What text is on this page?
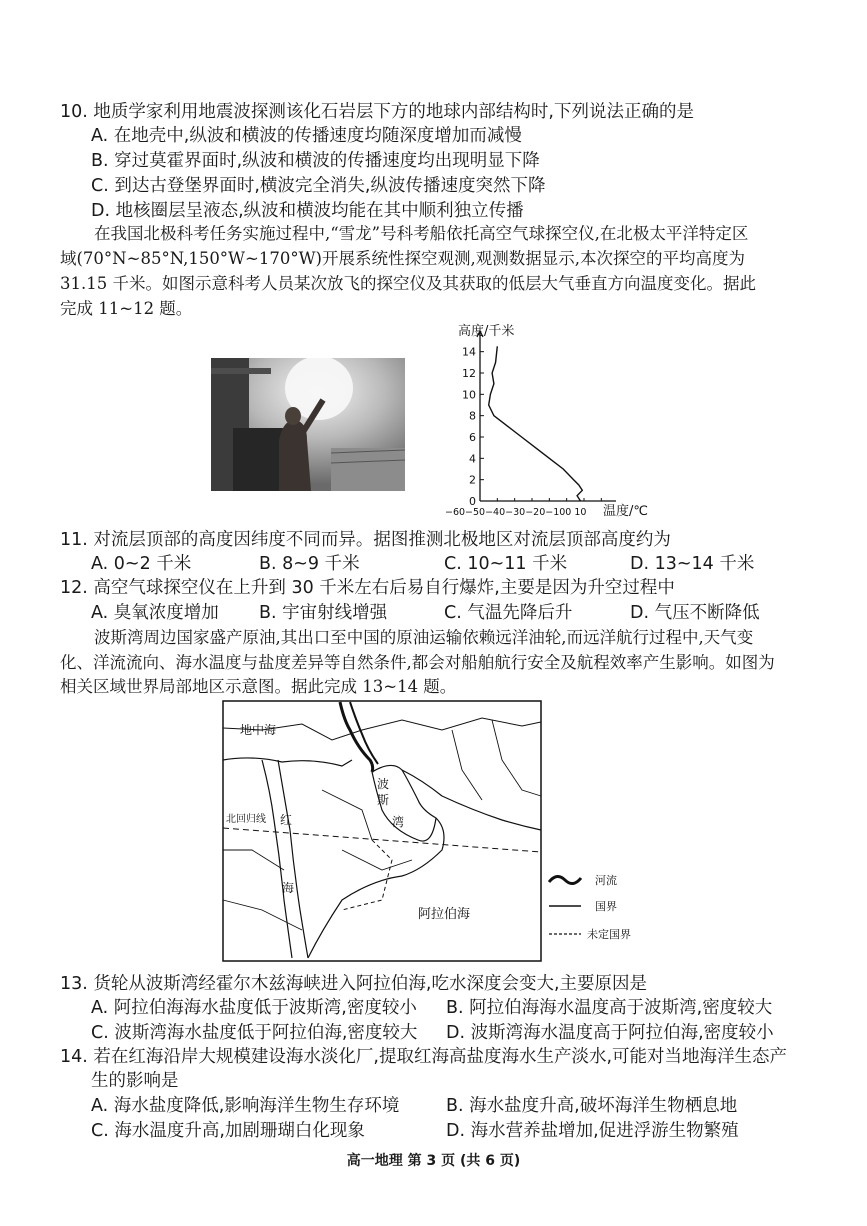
10. 地质学家利用地震波探测该化石岩层下方的地球内部结构时,下列说法正确的是
A. 在地壳中,纵波和横波的传播速度均随深度增加而减慢
B. 穿过莫霍界面时,纵波和横波的传播速度均出现明显下降
C. 到达古登堡界面时,横波完全消失,纵波传播速度突然下降
D. 地核圈层呈液态,纵波和横波均能在其中顺利独立传播
在我国北极科考任务实施过程中,“雪龙”号科考船依托高空气球探空仪,在北极太平洋特定区
域(70°N~85°N,150°W~170°W)开展系统性探空观测,观测数据显示,本次探空的平均高度为
31.15 千米。如图示意科考人员某次放飞的探空仪及其获取的低层大气垂直方向温度变化。据此
完成 11~12 题。
高度/千米
0
2
4
6
8
10
12
14
−60−50−40−30−20−100 10 温度/℃
11. 对流层顶部的高度因纬度不同而异。据图推测北极地区对流层顶部高度约为
A. 0~2 千米	B. 8~9 千米	C. 10~11 千米	D. 13~14 千米
12. 高空气球探空仪在上升到 30 千米左右后易自行爆炸,主要是因为升空过程中
A. 臭氧浓度增加 B. 宇宙射线增强	C. 气温先降后升	D. 气压不断降低
波斯湾周边国家盛产原油,其出口至中国的原油运输依赖远洋油轮,而远洋航行过程中,天气变
化、洋流流向、海水温度与盐度差异等自然条件,都会对船舶航行安全及航程效率产生影响。如图为
相关区域世界局部地区示意图。据此完成 13~14 题。
地中海
北回归线 红
海
波
斯
湾
阿拉伯海
河流
国界
未定国界
13. 货轮从波斯湾经霍尔木兹海峡进入阿拉伯海,吃水深度会变大,主要原因是
A. 阿拉伯海海水盐度低于波斯湾,密度较小 B. 阿拉伯海海水温度高于波斯湾,密度较大
C. 波斯湾海水盐度低于阿拉伯海,密度较大 D. 波斯湾海水温度高于阿拉伯海,密度较小
14. 若在红海沿岸大规模建设海水淡化厂,提取红海高盐度海水生产淡水,可能对当地海洋生态产
生的影响是
A. 海水盐度降低,影响海洋生物生存环境	B. 海水盐度升高,破坏海洋生物栖息地
C. 海水温度升高,加剧珊瑚白化现象	D. 海水营养盐增加,促进浮游生物繁殖
高一地理 第 3 页 (共 6 页)
